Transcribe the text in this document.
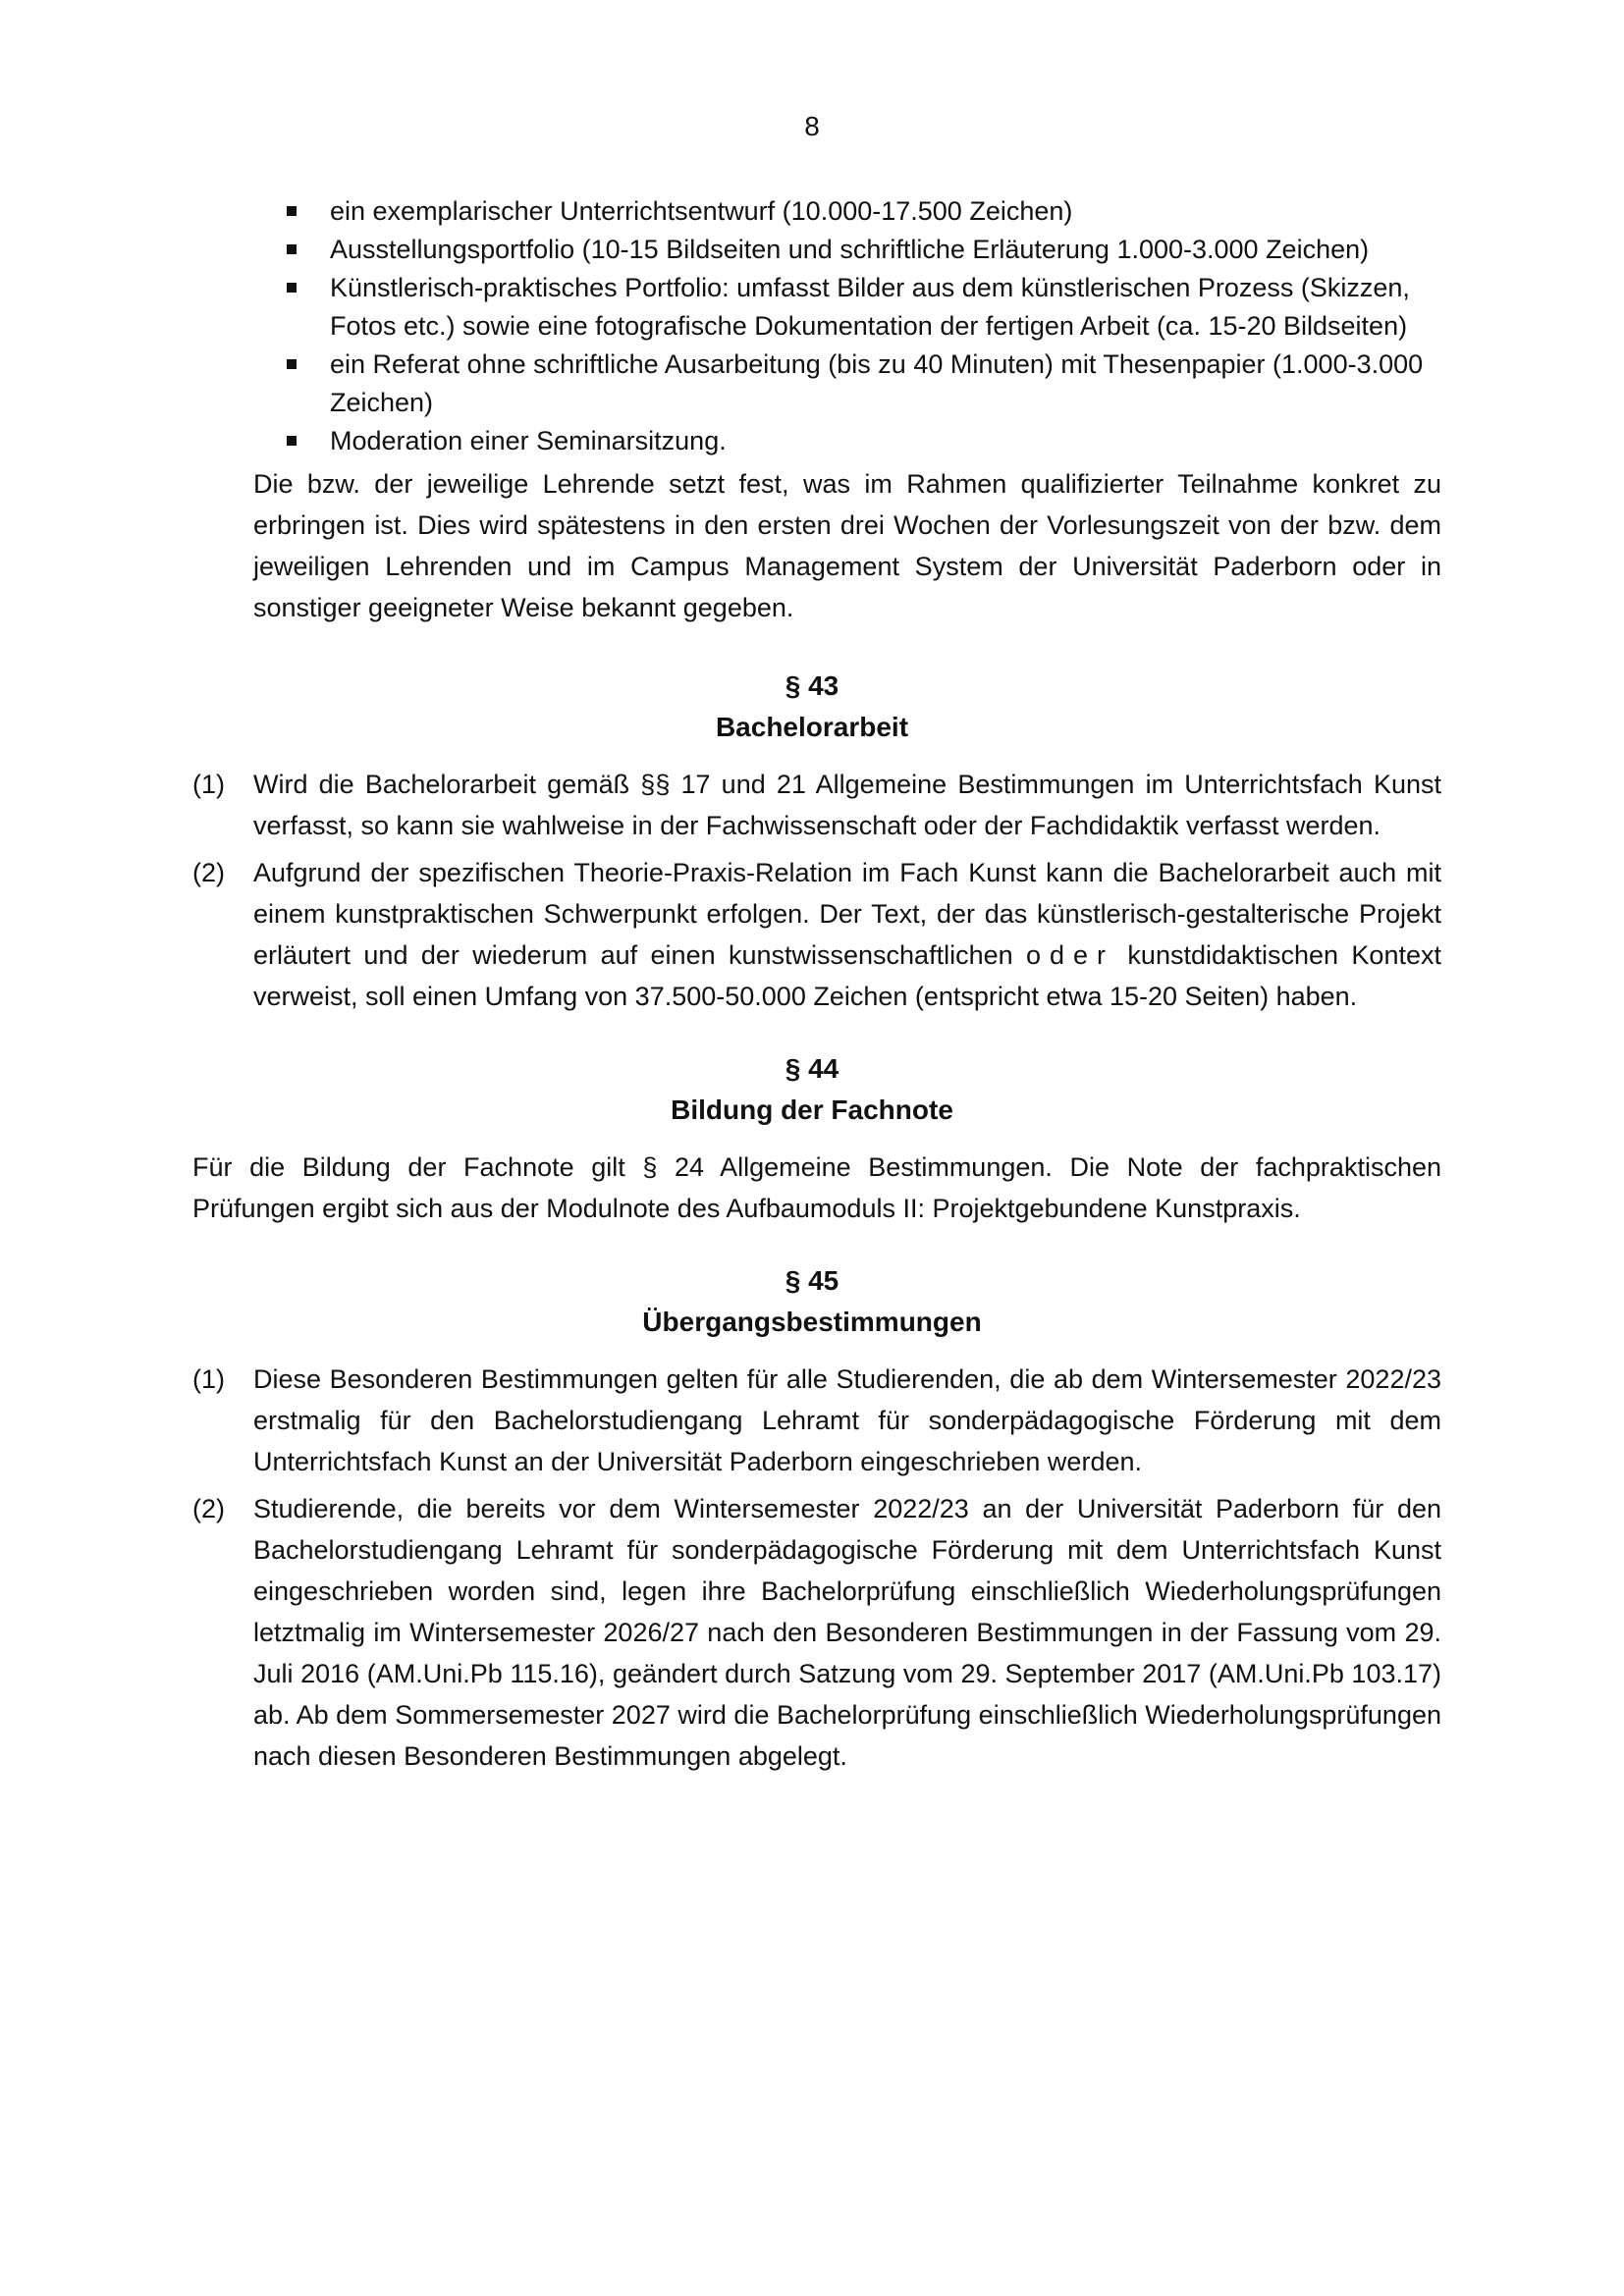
8
ein exemplarischer Unterrichtsentwurf (10.000-17.500 Zeichen)
Ausstellungsportfolio (10-15 Bildseiten und schriftliche Erläuterung 1.000-3.000 Zeichen)
Künstlerisch-praktisches Portfolio: umfasst Bilder aus dem künstlerischen Prozess (Skizzen, Fotos etc.) sowie eine fotografische Dokumentation der fertigen Arbeit (ca. 15-20 Bildseiten)
ein Referat ohne schriftliche Ausarbeitung (bis zu 40 Minuten) mit Thesenpapier (1.000-3.000 Zeichen)
Moderation einer Seminarsitzung.
Die bzw. der jeweilige Lehrende setzt fest, was im Rahmen qualifizierter Teilnahme konkret zu erbringen ist. Dies wird spätestens in den ersten drei Wochen der Vorlesungszeit von der bzw. dem jeweiligen Lehrenden und im Campus Management System der Universität Paderborn oder in sonstiger geeigneter Weise bekannt gegeben.
§ 43
Bachelorarbeit
(1) Wird die Bachelorarbeit gemäß §§ 17 und 21 Allgemeine Bestimmungen im Unterrichtsfach Kunst verfasst, so kann sie wahlweise in der Fachwissenschaft oder der Fachdidaktik verfasst werden.
(2) Aufgrund der spezifischen Theorie-Praxis-Relation im Fach Kunst kann die Bachelorarbeit auch mit einem kunstpraktischen Schwerpunkt erfolgen. Der Text, der das künstlerisch-gestalterische Projekt erläutert und der wiederum auf einen kunstwissenschaftlichen oder kunstdidaktischen Kontext verweist, soll einen Umfang von 37.500-50.000 Zeichen (entspricht etwa 15-20 Seiten) haben.
§ 44
Bildung der Fachnote
Für die Bildung der Fachnote gilt § 24 Allgemeine Bestimmungen. Die Note der fachpraktischen Prüfungen ergibt sich aus der Modulnote des Aufbaumoduls II: Projektgebundene Kunstpraxis.
§ 45
Übergangsbestimmungen
(1) Diese Besonderen Bestimmungen gelten für alle Studierenden, die ab dem Wintersemester 2022/23 erstmalig für den Bachelorstudiengang Lehramt für sonderpädagogische Förderung mit dem Unterrichtsfach Kunst an der Universität Paderborn eingeschrieben werden.
(2) Studierende, die bereits vor dem Wintersemester 2022/23 an der Universität Paderborn für den Bachelorstudiengang Lehramt für sonderpädagogische Förderung mit dem Unterrichtsfach Kunst eingeschrieben worden sind, legen ihre Bachelorprüfung einschließlich Wiederholungsprüfungen letztmalig im Wintersemester 2026/27 nach den Besonderen Bestimmungen in der Fassung vom 29. Juli 2016 (AM.Uni.Pb 115.16), geändert durch Satzung vom 29. September 2017 (AM.Uni.Pb 103.17) ab. Ab dem Sommersemester 2027 wird die Bachelorprüfung einschließlich Wiederholungsprüfungen nach diesen Besonderen Bestimmungen abgelegt.
